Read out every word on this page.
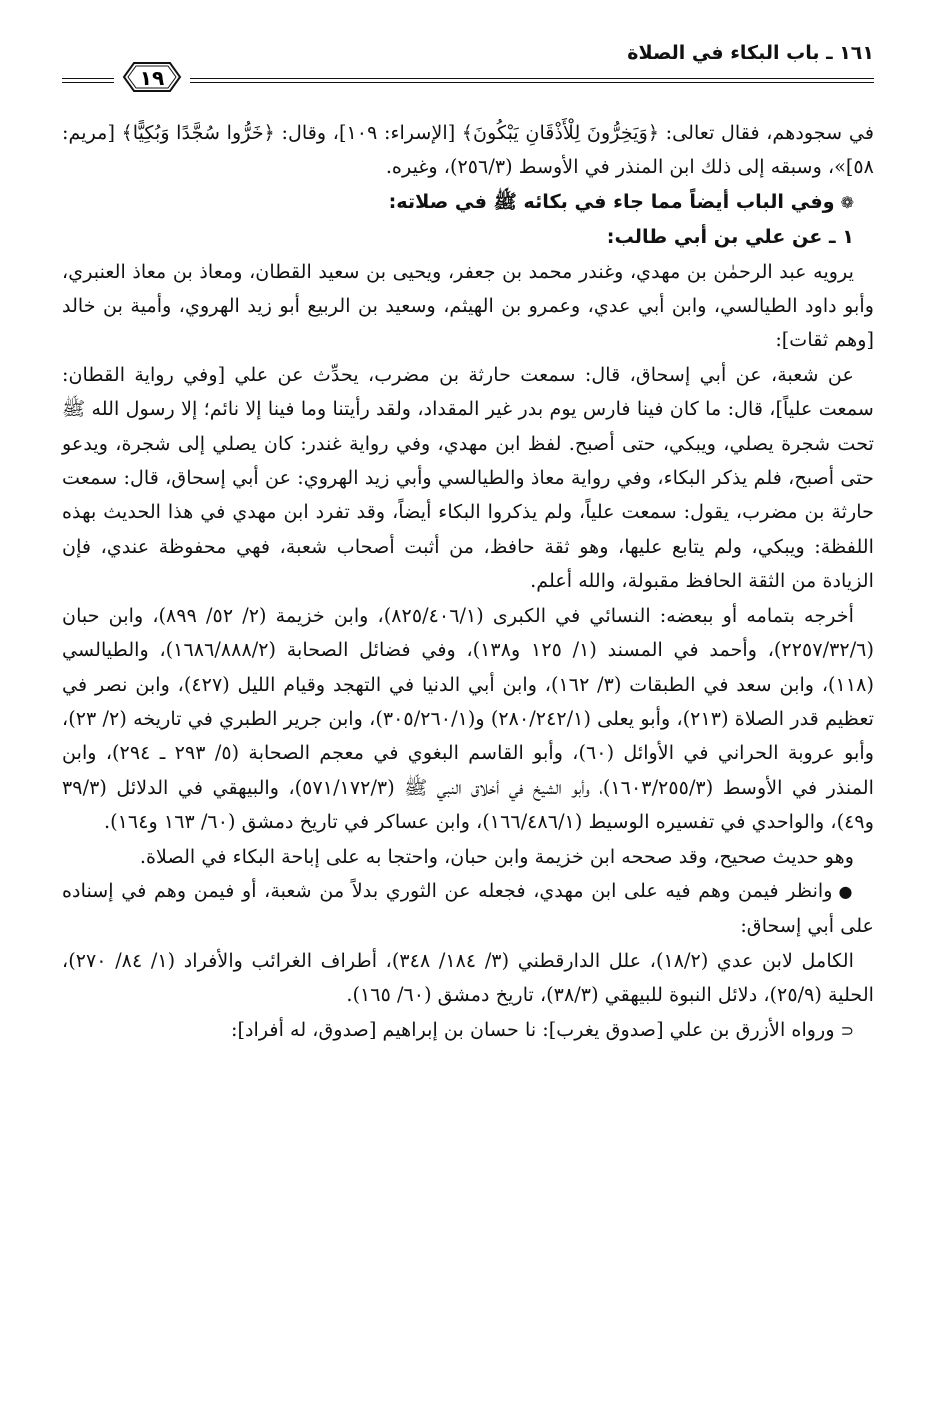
١٦١ ـ باب البكاء في الصلاة
١٩

في سجودهم، فقال تعالى: ﴿وَيَخِرُّونَ لِلْأَذْقَانِ يَبْكُونَ﴾ [الإسراء: ١٠٩]، وقال: ﴿خَرُّوا سُجَّدًا وَبُكِيًّا﴾ [مريم: ٥٨]»، وسبقه إلى ذلك ابن المنذر في الأوسط (٢٥٦/٣)، وغيره.

❁وفي الباب أيضاً مما جاء في بكائه ﷺ في صلاته:

١ ـ عن علي بن أبي طالب:

يرويه عبد الرحمٰن بن مهدي، وغندر محمد بن جعفر، ويحيى بن سعيد القطان، ومعاذ بن معاذ العنبري، وأبو داود الطيالسي، وابن أبي عدي، وعمرو بن الهيثم، وسعيد بن الربيع أبو زيد الهروي، وأمية بن خالد [وهم ثقات]:

عن شعبة، عن أبي إسحاق، قال: سمعت حارثة بن مضرب، يحدِّث عن علي [وفي رواية القطان: سمعت علياً]، قال: ما كان فينا فارس يوم بدر غير المقداد، ولقد رأيتنا وما فينا إلا نائم؛ إلا رسول الله ﷺ تحت شجرة يصلي، ويبكي، حتى أصبح. لفظ ابن مهدي، وفي رواية غندر: كان يصلي إلى شجرة، ويدعو حتى أصبح، فلم يذكر البكاء، وفي رواية معاذ والطيالسي وأبي زيد الهروي: عن أبي إسحاق، قال: سمعت حارثة بن مضرب، يقول: سمعت علياً، ولم يذكروا البكاء أيضاً، وقد تفرد ابن مهدي في هذا الحديث بهذه اللفظة: ويبكي، ولم يتابع عليها، وهو ثقة حافظ، من أثبت أصحاب شعبة، فهي محفوظة عندي، فإن الزيادة من الثقة الحافظ مقبولة، والله أعلم.

أخرجه بتمامه أو ببعضه: النسائي في الكبرى (٨٢٥/٤٠٦/١)، وابن خزيمة (٢/ ٥٢/ ٨٩٩)، وابن حبان (٢٢٥٧/٣٢/٦)، وأحمد في المسند (١/ ١٢٥ و١٣٨)، وفي فضائل الصحابة (١٦٨٦/٨٨٨/٢)، والطيالسي (١١٨)، وابن سعد في الطبقات (٣/ ١٦٢)، وابن أبي الدنيا في التهجد وقيام الليل (٤٢٧)، وابن نصر في تعظيم قدر الصلاة (٢١٣)، وأبو يعلى (٢٨٠/٢٤٢/١) و(٣٠٥/٢٦٠/١)، وابن جرير الطبري في تاريخه (٢/ ٢٣)، وأبو عروبة الحراني في الأوائل (٦٠)، وأبو القاسم البغوي في معجم الصحابة (٥/ ٢٩٣ ـ ٢٩٤)، وابن المنذر في الأوسط (١٦٠٣/٢٥٥/٣)، وأبو الشيخ في أخلاق النبي ﷺ (٥٧١/١٧٢/٣)، والبيهقي في الدلائل (٣٩/٣ و٤٩)، والواحدي في تفسيره الوسيط (١٦٦/٤٨٦/١)، وابن عساكر في تاريخ دمشق (٦٠/ ١٦٣ و١٦٤).

وهو حديث صحيح، وقد صححه ابن خزيمة وابن حبان، واحتجا به على إباحة البكاء في الصلاة.

●وانظر فيمن وهم فيه على ابن مهدي، فجعله عن الثوري بدلاً من شعبة، أو فيمن وهم في إسناده على أبي إسحاق:

الكامل لابن عدي (١٨/٢)، علل الدارقطني (٣/ ١٨٤/ ٣٤٨)، أطراف الغرائب والأفراد (١/ ٨٤/ ٢٧٠)، الحلية (٢٥/٩)، دلائل النبوة للبيهقي (٣٨/٣)، تاريخ دمشق (٦٠/ ١٦٥).

⊂ورواه الأزرق بن علي [صدوق يغرب]: نا حسان بن إبراهيم [صدوق، له أفراد]:
